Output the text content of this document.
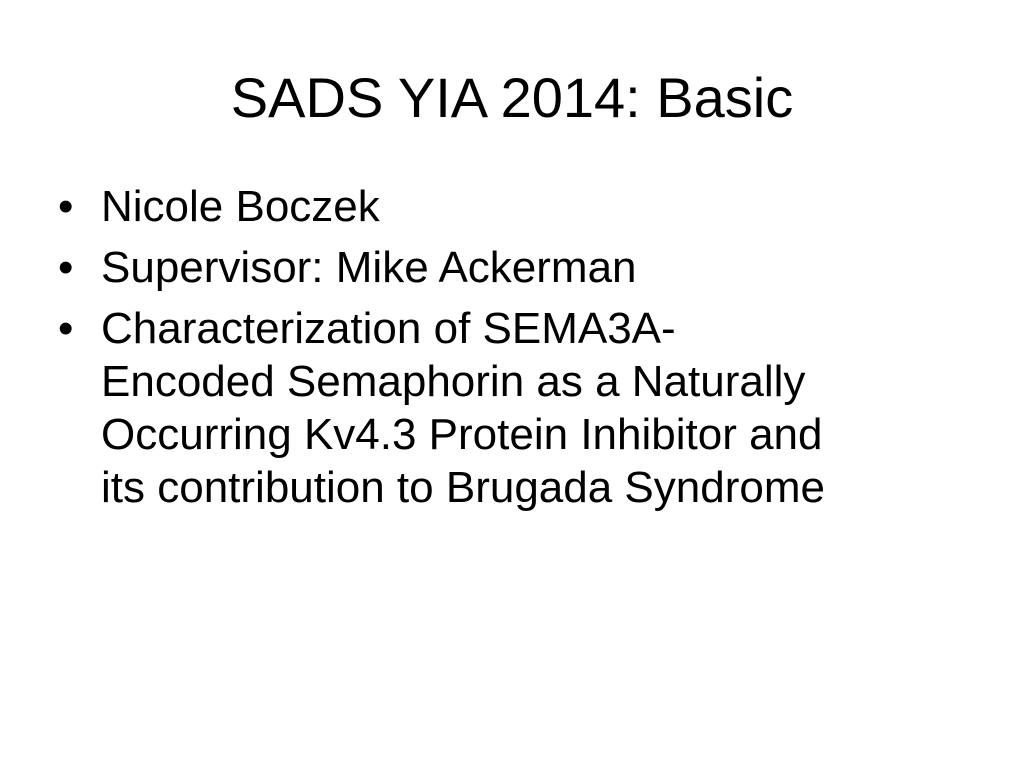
SADS YIA 2014: Basic
• Nicole Boczek
• Supervisor: Mike Ackerman
• Characterization of SEMA3A-
Encoded Semaphorin as a Naturally
Occurring Kv4.3 Protein Inhibitor and
its contribution to Brugada Syndrome
